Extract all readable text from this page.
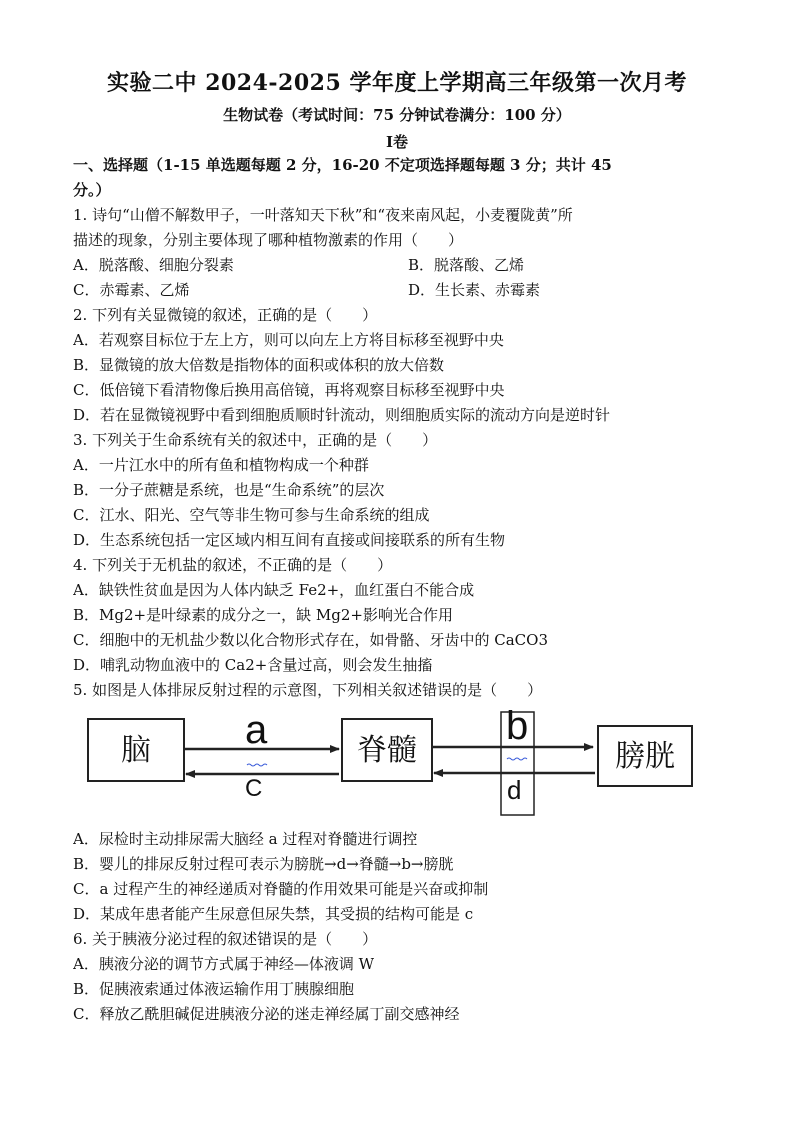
实验二中 2024-2025 学年度上学期高三年级第一次月考
生物试卷（考试时间：75 分钟试卷满分：100 分）
Ⅰ卷
一、选择题（1-15 单选题每题 2 分，16-20 不定项选择题每题 3 分；共计 45
分。）
1. 诗句“山僧不解数甲子，一叶落知天下秋”和“夜来南风起，小麦覆陇黄”所
描述的现象，分别主要体现了哪种植物激素的作用（　　）
A．脱落酸、细胞分裂素	B．脱落酸、乙烯
C．赤霉素、乙烯	D．生长素、赤霉素
2. 下列有关显微镜的叙述，正确的是（　　）
A．若观察目标位于左上方，则可以向左上方将目标移至视野中央
B．显微镜的放大倍数是指物体的面积或体积的放大倍数
C．低倍镜下看清物像后换用高倍镜，再将观察目标移至视野中央
D．若在显微镜视野中看到细胞质顺时针流动，则细胞质实际的流动方向是逆时针
3. 下列关于生命系统有关的叙述中，正确的是（　　）
A．一片江水中的所有鱼和植物构成一个种群
B．一分子蔗糖是系统，也是“生命系统”的层次
C．江水、阳光、空气等非生物可参与生命系统的组成
D．生态系统包括一定区域内相互间有直接或间接联系的所有生物
4. 下列关于无机盐的叙述，不正确的是（　　）
A．缺铁性贫血是因为人体内缺乏 Fe2+，血红蛋白不能合成
B．Mg2+是叶绿素的成分之一，缺 Mg2+影响光合作用
C．细胞中的无机盐少数以化合物形式存在，如骨骼、牙齿中的 CaCO3
D．哺乳动物血液中的 Ca2+含量过高，则会发生抽搐
5. 如图是人体排尿反射过程的示意图，下列相关叙述错误的是（　　）
脑	脊髓	膀胱
a	b
C	d
A．尿检时主动排尿需大脑经 a 过程对脊髓进行调控
B．婴儿的排尿反射过程可表示为膀胱→d→脊髓→b→膀胱
C．a 过程产生的神经递质对脊髓的作用效果可能是兴奋或抑制
D．某成年患者能产生尿意但尿失禁，其受损的结构可能是 c
6. 关于胰液分泌过程的叙述错误的是（　　）
A．胰液分泌的调节方式属于神经—体液调 W
B．促胰液索通过体液运输作用丁胰腺细胞
C．释放乙酰胆碱促进胰液分泌的迷走禅经属丁副交感神经
